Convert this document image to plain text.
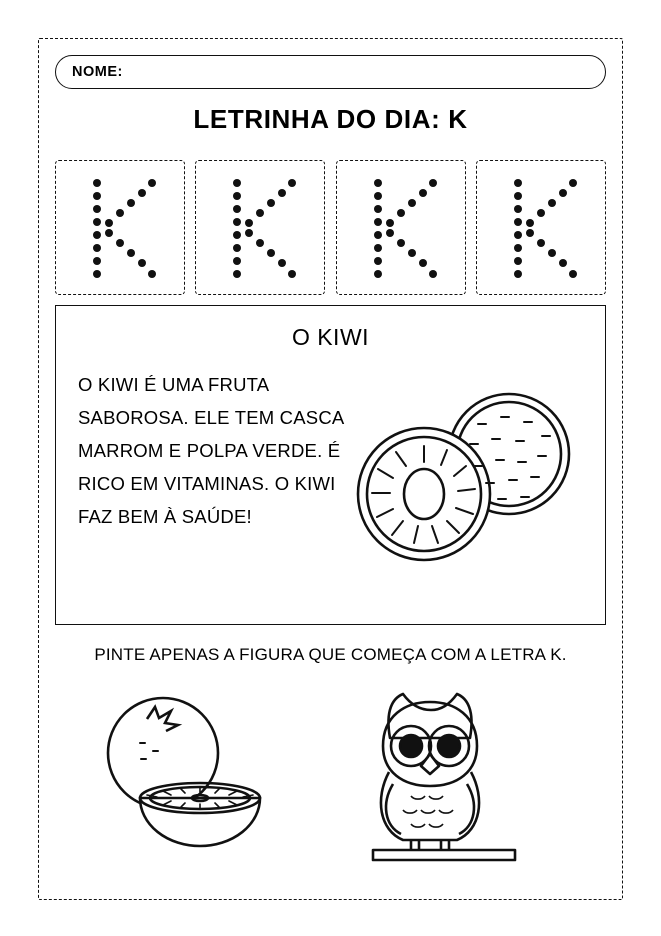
NOME:
LETRINHA DO DIA: K
O KIWI
O KIWI É UMA FRUTA SABOROSA. ELE TEM CASCA MARROM E POLPA VERDE. É RICO EM VITAMINAS. O KIWI FAZ BEM À SAÚDE!
PINTE APENAS A FIGURA QUE COMEÇA COM A LETRA K.
